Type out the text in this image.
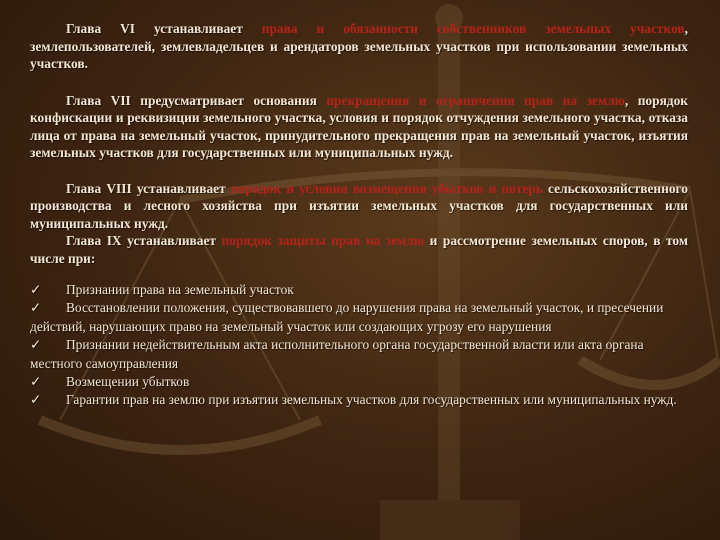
Глава VI устанавливает права и обязанности собственников земельных участков, землепользователей, землевладельцев и арендаторов земельных участков при использовании земельных участков.

Глава VII предусматривает основания прекращения и ограничения прав на землю, порядок конфискации и реквизиции земельного участка, условия и порядок отчуждения земельного участка, отказа лица от права на земельный участок, принудительного прекращения прав на земельный участок, изъятия земельных участков для государственных или муниципальных нужд.

Глава VIII устанавливает порядок и условия возмещения убытков и потерь сельскохозяйственного производства и лесного хозяйства при изъятии земельных участков для государственных или муниципальных нужд.

Глава IX устанавливает порядок защиты прав на землю и рассмотрение земельных споров, в том числе при:

✓ Признании права на земельный участок

✓ Восстановлении положения, существовавшего до нарушения права на земельный участок, и пресечении действий, нарушающих право на земельный участок или создающих угрозу его нарушения

✓ Признании недействительным акта исполнительного органа государственной власти или акта органа местного самоуправления

✓ Возмещении убытков

✓ Гарантии прав на землю при изъятии земельных участков для государственных или муниципальных нужд.
